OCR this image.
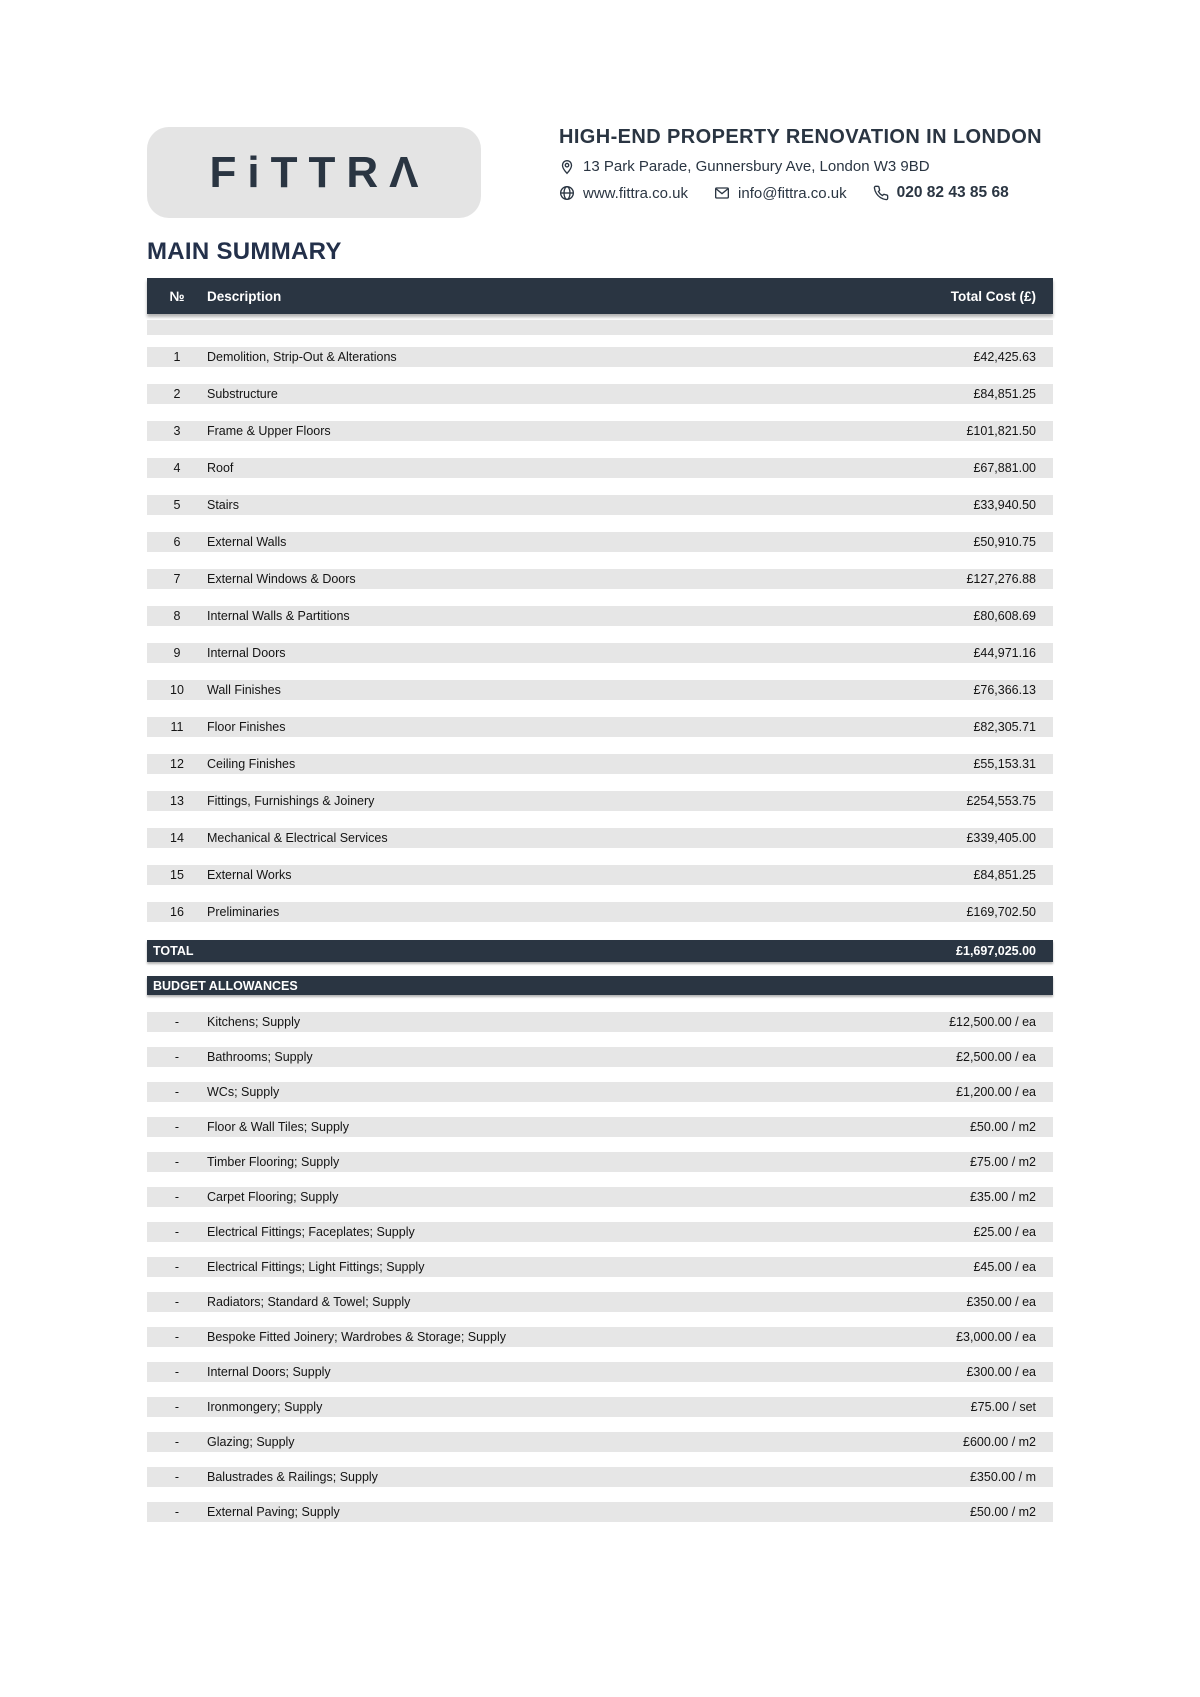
FiTTRΛ
HIGH-END PROPERTY RENOVATION IN LONDON
13 Park Parade, Gunnersbury Ave, London W3 9BD
www.fittra.co.uk	info@fittra.co.uk	020 82 43 85 68
MAIN SUMMARY
№	Description	Total Cost (£)
1	Demolition, Strip-Out & Alterations	£42,425.63
2	Substructure	£84,851.25
3	Frame & Upper Floors	£101,821.50
4	Roof	£67,881.00
5	Stairs	£33,940.50
6	External Walls	£50,910.75
7	External Windows & Doors	£127,276.88
8	Internal Walls & Partitions	£80,608.69
9	Internal Doors	£44,971.16
10	Wall Finishes	£76,366.13
11	Floor Finishes	£82,305.71
12	Ceiling Finishes	£55,153.31
13	Fittings, Furnishings & Joinery	£254,553.75
14	Mechanical & Electrical Services	£339,405.00
15	External Works	£84,851.25
16	Preliminaries	£169,702.50
TOTAL	£1,697,025.00
BUDGET ALLOWANCES
-	Kitchens; Supply	£12,500.00 / ea
-	Bathrooms; Supply	£2,500.00 / ea
-	WCs; Supply	£1,200.00 / ea
-	Floor & Wall Tiles; Supply	£50.00 / m2
-	Timber Flooring; Supply	£75.00 / m2
-	Carpet Flooring; Supply	£35.00 / m2
-	Electrical Fittings; Faceplates; Supply	£25.00 / ea
-	Electrical Fittings; Light Fittings; Supply	£45.00 / ea
-	Radiators; Standard & Towel; Supply	£350.00 / ea
-	Bespoke Fitted Joinery; Wardrobes & Storage; Supply	£3,000.00 / ea
-	Internal Doors; Supply	£300.00 / ea
-	Ironmongery; Supply	£75.00 / set
-	Glazing; Supply	£600.00 / m2
-	Balustrades & Railings; Supply	£350.00 / m
-	External Paving; Supply	£50.00 / m2
